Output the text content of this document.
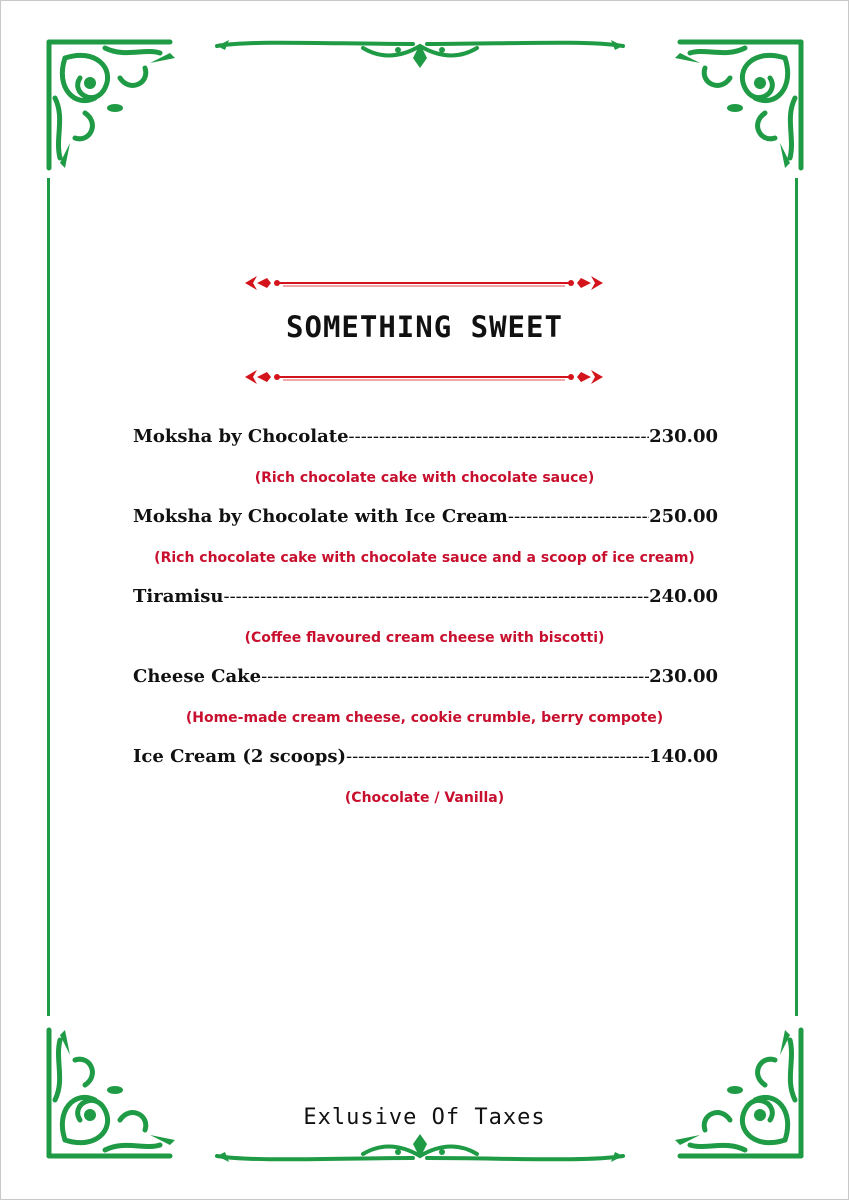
SOMETHING SWEET
Moksha by Chocolate -----	230.00
(Rich chocolate cake with chocolate sauce)
Moksha by Chocolate with Ice Cream -----	250.00
(Rich chocolate cake with chocolate sauce and a scoop of ice cream)
Tiramisu -----	240.00
(Coffee flavoured cream cheese with biscotti)
Cheese Cake -----	230.00
(Home-made cream cheese, cookie crumble, berry compote)
Ice Cream (2 scoops) -----	140.00
(Chocolate / Vanilla)
Exlusive Of Taxes
